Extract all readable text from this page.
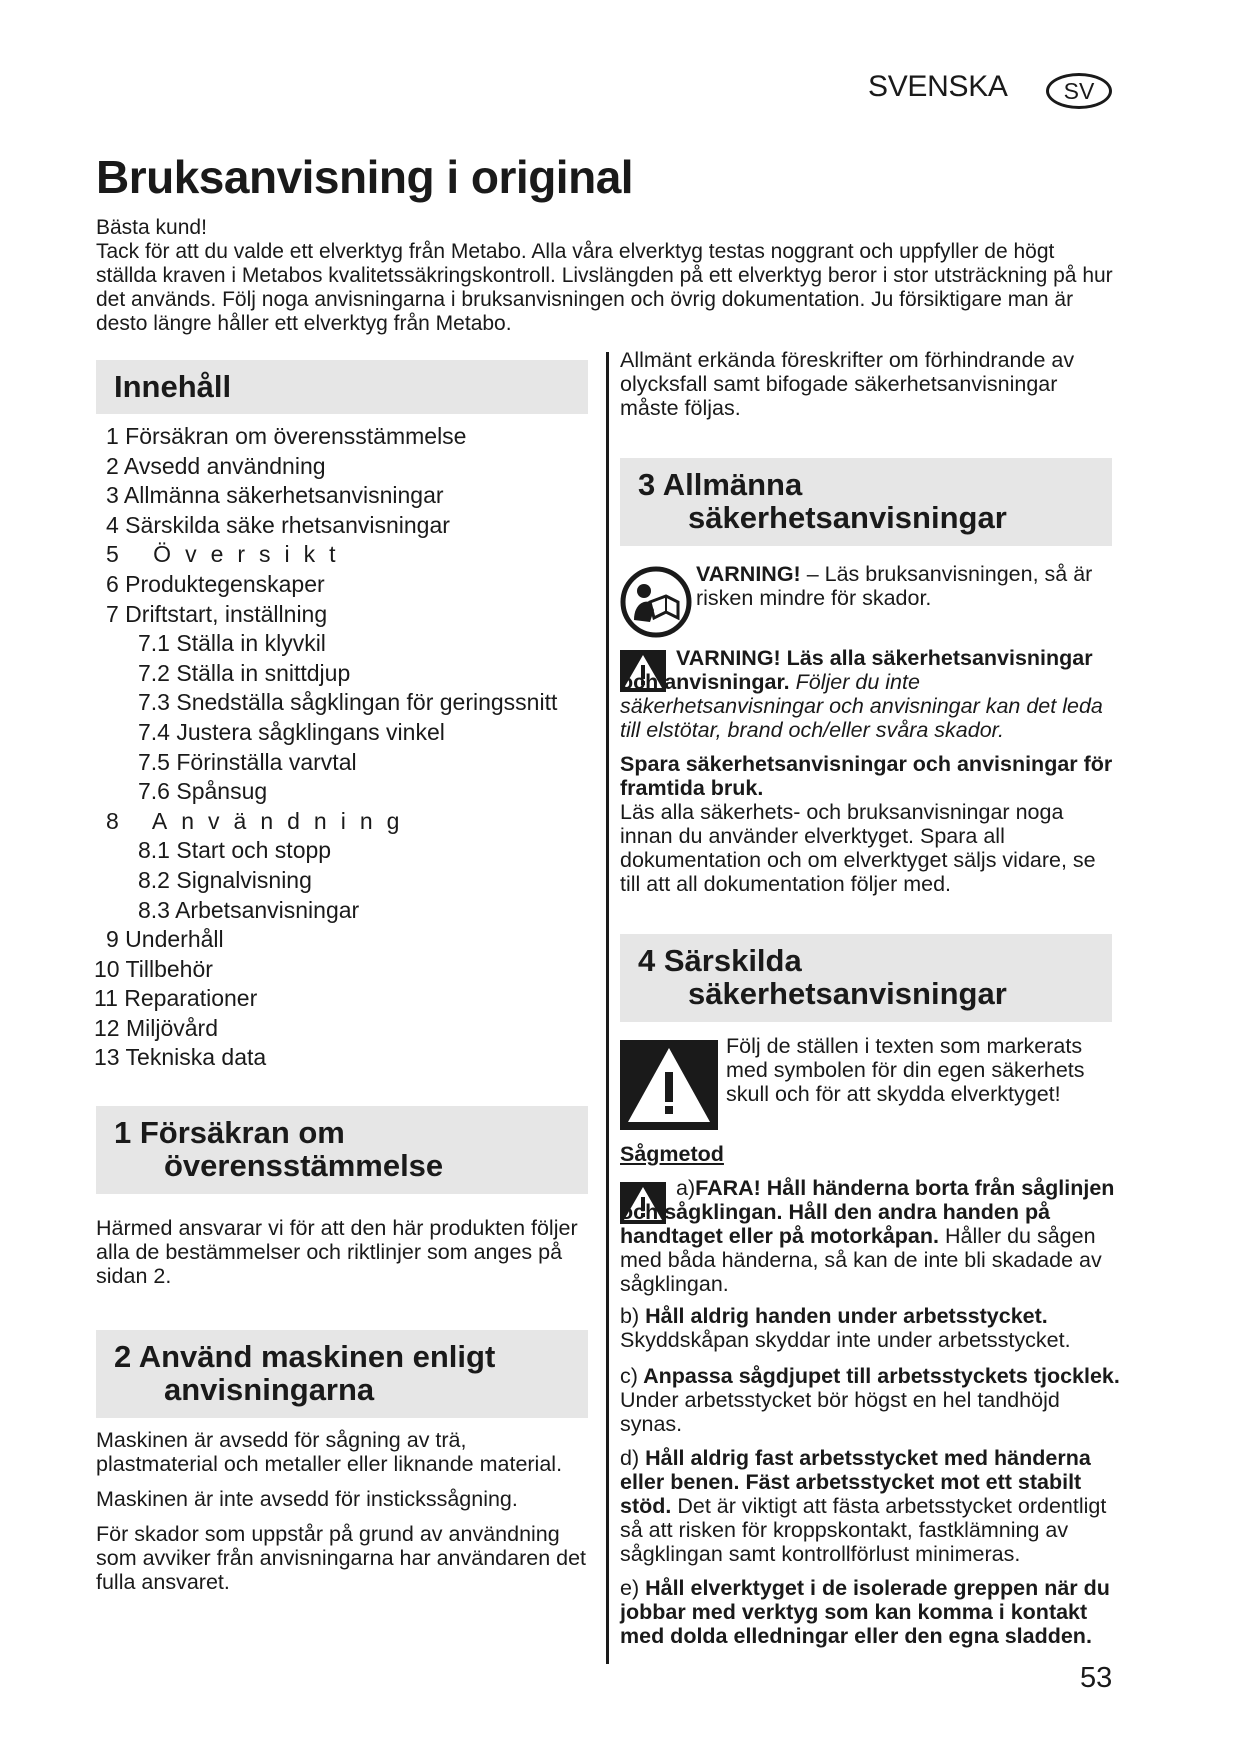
SVENSKA	SV
Bruksanvisning i original

Bästa kund!

Tack för att du valde ett elverktyg från Metabo. Alla våra elverktyg testas noggrant och uppfyller de högt ställda kraven i Metabos kvalitetssäkringskontroll. Livslängden på ett elverktyg beror i stor utsträckning på hur det används. Följ noga anvisningarna i bruksanvisningen och övrig dokumentation. Ju försiktigare man är desto längre håller ett elverktyg från Metabo.

Innehåll
1 Försäkran om överensstämmelse
2 Avsedd användning
3 Allmänna säkerhetsanvisningar
4 Särskilda säke rhetsanvisningar
5 Översikt
6 Produktegenskaper
7 Driftstart, inställning
7.1 Ställa in klyvkil
7.2 Ställa in snittdjup
7.3 Snedställa sågklingan för geringssnitt
7.4 Justera sågklingans vinkel
7.5 Förinställa varvtal
7.6 Spånsug
8 Användning
8.1 Start och stopp
8.2 Signalvisning
8.3 Arbetsanvisningar
9 Underhåll
10 Tillbehör
11 Reparationer
12 Miljövård
13 Tekniska data
1 Försäkran om
överensstämmelse

Härmed ansvarar vi för att den här produkten följer alla de bestämmelser och riktlinjer som anges på sidan 2.

2 Använd maskinen enligt
anvisningarna

Maskinen är avsedd för sågning av trä, plastmaterial och metaller eller liknande material.

Maskinen är inte avsedd för instickssågning.

För skador som uppstår på grund av användning som avviker från anvisningarna har användaren det fulla ansvaret.

Allmänt erkända föreskrifter om förhindrande av olycksfall samt bifogade säkerhetsanvisningar måste följas.

3 Allmänna
säkerhetsanvisningar
VARNING! – Läs bruksanvisningen, så är risken mindre för skador.
VARNING! Läs alla säkerhetsanvisningar och anvisningar. Följer du inte säkerhetsanvisningar och anvisningar kan det leda till elstötar, brand och/eller svåra skador.
Spara säkerhetsanvisningar och anvisningar för framtida bruk.
Läs alla säkerhets- och bruksanvisningar noga innan du använder elverktyget. Spara all dokumentation och om elverktyget säljs vidare, se till att all dokumentation följer med.
4 Särskilda
säkerhetsanvisningar
Följ de ställen i texten som markerats med symbolen för din egen säkerhets skull och för att skydda elverktyget!
Sågmetod
a)FARA! Håll händerna borta från såglinjen och sågklingan. Håll den andra handen på handtaget eller på motorkåpan. Håller du sågen med båda händerna, så kan de inte bli skadade av sågklingan.
b) Håll aldrig handen under arbetsstycket. Skyddskåpan skyddar inte under arbetsstycket.
c) Anpassa sågdjupet till arbetsstyckets tjocklek. Under arbetsstycket bör högst en hel tandhöjd synas.
d) Håll aldrig fast arbetsstycket med händerna eller benen. Fäst arbetsstycket mot ett stabilt stöd. Det är viktigt att fästa arbetsstycket ordentligt så att risken för kroppskontakt, fastklämning av sågklingan samt kontrollförlust minimeras.
e) Håll elverktyget i de isolerade greppen när du jobbar med verktyg som kan komma i kontakt med dolda elledningar eller den egna sladden.
53
